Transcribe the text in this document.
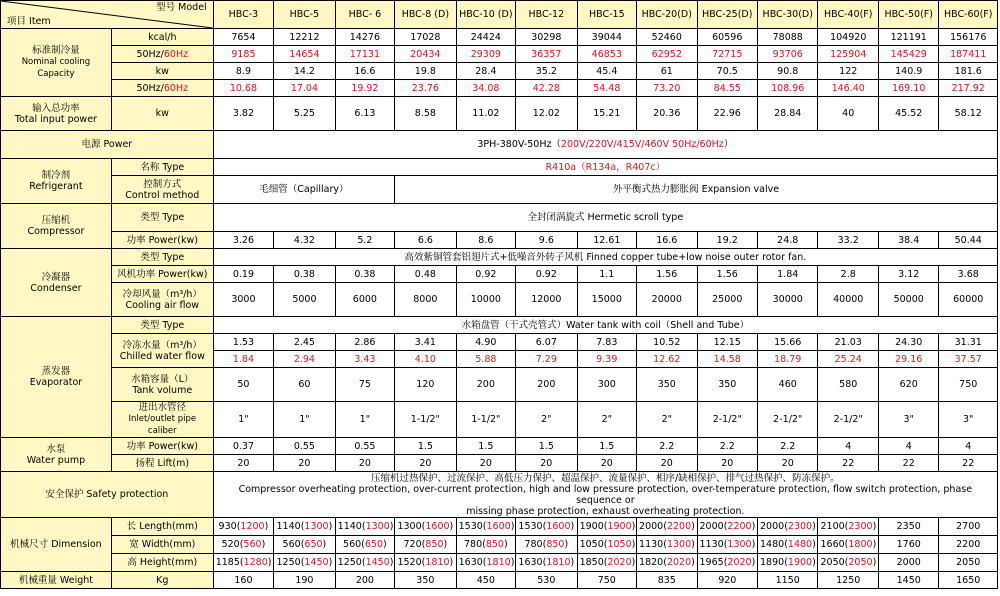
型号 Model
项目 Item		HBC-3	HBC-5	HBC- 6	HBC-8 (D)	HBC-10 (D)	HBC-12	HBC-15	HBC-20(D)	HBC-25(D)	HBC-30(D)	HBC-40(F)	HBC-50(F)	HBC-60(F)
标准制冷量
Nominal cooling Capacity	kcal/h	7654	12212	14276	17028	24424	30298	39044	52460	60596	78088	104920	121191	156176
	50Hz/60Hz	9185	14654	17131	20434	29309	36357	46853	62952	72715	93706	125904	145429	187411
	kw	8.9	14.2	16.6	19.8	28.4	35.2	45.4	61	70.5	90.8	122	140.9	181.6
	50Hz/60Hz	10.68	17.04	19.92	23.76	34.08	42.28	54.48	73.20	84.55	108.96	146.40	169.10	217.92
输入总功率
Total input power	kw	3.82	5.25	6.13	8.58	11.02	12.02	15.21	20.36	22.96	28.84	40	45.52	58.12
电源 Power		3PH-380V-50Hz（200V/220V/415V/460V 50Hz/60Hz）												
制冷剂
Refrigerant	名称 Type	R410a（R134a，R407c）												
	控制方式
Control method	毛细管（Capillary）			外平衡式热力膨胀阀 Expansion valve									
压缩机
Compressor	类型 Type	全封闭涡旋式 Hermetic scroll type												
	功率 Power(kw)	3.26	4.32	5.2	6.6	8.6	9.6	12.61	16.6	19.2	24.8	33.2	38.4	50.44
冷凝器
Condenser	类型 Type	高效紫铜管套铝翅片式+低噪音外转子风机 Finned copper tube+low noise outer rotor fan.												
	风机功率 Power(kw)	0.19	0.38	0.38	0.48	0.92	0.92	1.1	1.56	1.56	1.84	2.8	3.12	3.68
	冷却风量（m³/h）
Cooling air flow	3000	5000	6000	8000	10000	12000	15000	20000	25000	30000	40000	50000	60000
蒸发器
Evaporator	类型 Type	水箱盘管（干式壳管式）Water tank with coil（Shell and Tube）												
	冷冻水量（m³/h）
Chilled water flow	1.53	2.45	2.86	3.41	4.90	6.07	7.83	10.52	12.15	15.66	21.03	24.30	31.31
		1.84	2.94	3.43	4.10	5.88	7.29	9.39	12.62	14.58	18.79	25.24	29.16	37.57
	水箱容量（L）
Tank volume	50	60	75	120	200	200	300	350	350	460	580	620	750
	进出水管径
Inlet/outlet pipe caliber	1"	1"	1"	1-1/2"	1-1/2"	2"	2"	2"	2-1/2"	2-1/2"	2-1/2"	3"	3"
水泵
Water pump	功率 Power(kw)	0.37	0.55	0.55	1.5	1.5	1.5	1.5	2.2	2.2	2.2	4	4	4
	扬程 Lift(m)	20	20	20	20	20	20	20	20	20	20	22	22	22
安全保护 Safety protection		压缩机过热保护、过流保护、高低压力保护、超温保护、流量保护、相序/缺相保护、排气过热保护、防冻保护。
Compressor overheating protection, over-current protection, high and low pressure protection, over-temperature protection, flow switch protection, phase sequence or
missing phase protection, exhaust overheating protection.												

机械尺寸 Dimension	长 Length(mm)	930(1200)	1140(1300)	1140(1300)	1300(1600)	1530(1600)	1530(1600)	1900(1900)	2000(2200)	2000(2200)	2000(2300)	2100(2300)	2350	2700
	宽 Width(mm)	520(560)	560(650)	560(650)	720(850)	780(850)	780(850)	1050(1050)	1130(1300)	1130(1300)	1480(1480)	1660(1800)	1760	2200
	高 Height(mm)	1185(1280)	1250(1450)	1250(1450)	1520(1810)	1630(1810)	1630(1810)	1850(2020)	1820(2020)	1965(2020)	1890(1900)	2050(2050)	2000	2050
机械重量 Weight	Kg	160	190	200	350	450	530	750	835	920	1150	1250	1450	1650
